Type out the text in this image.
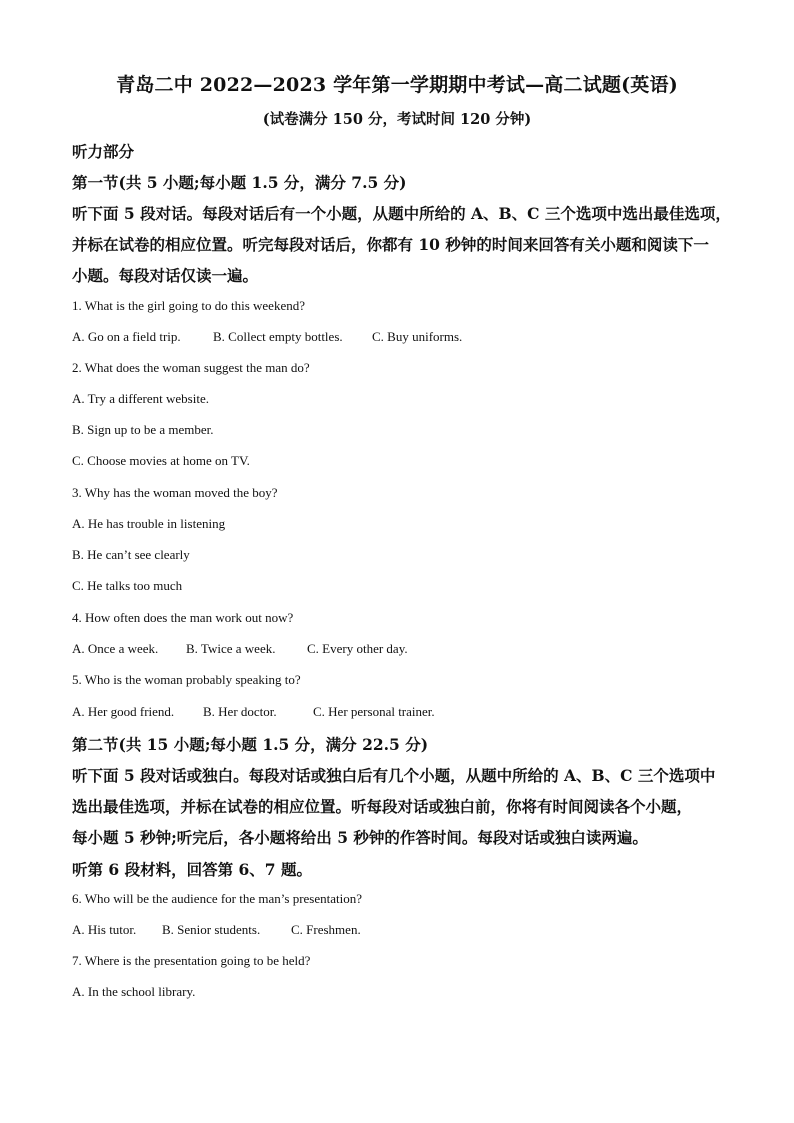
青岛二中 2022—2023 学年第一学期期中考试—高二试题(英语)
(试卷满分 150 分，考试时间 120 分钟)
听力部分
第一节(共 5 小题;每小题 1.5 分，满分 7.5 分)
听下面 5 段对话。每段对话后有一个小题，从题中所给的 A、B、C 三个选项中选出最佳选项，
并标在试卷的相应位置。听完每段对话后，你都有 10 秒钟的时间来回答有关小题和阅读下一
小题。每段对话仅读一遍。
1. What is the girl going to do this weekend?
A. Go on a field trip. B. Collect empty bottles. C. Buy uniforms.
2. What does the woman suggest the man do?
A. Try a different website.
B. Sign up to be a member.
C. Choose movies at home on TV.
3. Why has the woman moved the boy?
A. He has trouble in listening
B. He can’t see clearly
C. He talks too much
4. How often does the man work out now?
A. Once a week. B. Twice a week. C. Every other day.
5. Who is the woman probably speaking to?
A. Her good friend. B. Her doctor.	C. Her personal trainer.
第二节(共 15 小题;每小题 1.5 分，满分 22.5 分)
听下面 5 段对话或独白。每段对话或独白后有几个小题，从题中所给的 A、B、C 三个选项中
选出最佳选项，并标在试卷的相应位置。听每段对话或独白前，你将有时间阅读各个小题，
每小题 5 秒钟;听完后，各小题将给出 5 秒钟的作答时间。每段对话或独白读两遍。
听第 6 段材料，回答第 6、7 题。
6. Who will be the audience for the man’s presentation?
A. His tutor. B. Senior students. C. Freshmen.
7. Where is the presentation going to be held?
A. In the school library.
